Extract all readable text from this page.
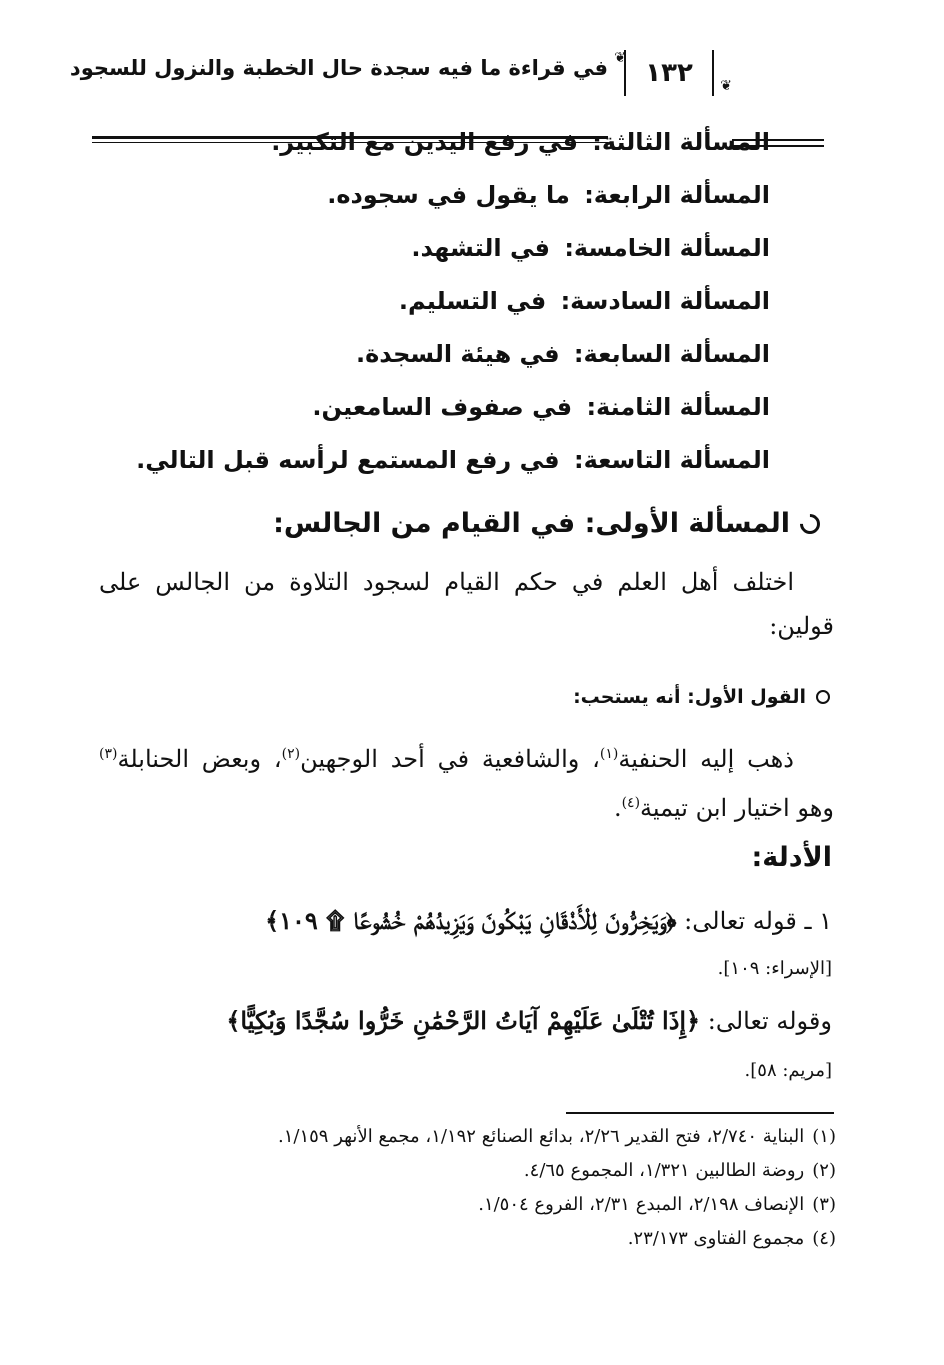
في قراءة ما فيه سجدة حال الخطبة والنزول للسجود ١٣٢
❦
❦
المسألة الثالثة: في رفع اليدين مع التكبير.
المسألة الرابعة: ما يقول في سجوده.
المسألة الخامسة: في التشهد.
المسألة السادسة: في التسليم.
المسألة السابعة: في هيئة السجدة.
المسألة الثامنة: في صفوف السامعين.
المسألة التاسعة: في رفع المستمع لرأسه قبل التالي.
المسألة الأولى: في القيام من الجالس:

اختلف أهل العلم في حكم القيام لسجود التلاوة من الجالس على قولين:

القول الأول: أنه يستحب:

ذهب إليه الحنفية$^{(١)}$، والشافعية في أحد الوجهين$^{(٢)}$، وبعض الحنابلة$^{(٣)}$ وهو اختيار ابن تيمية$^{(٤)}$.

الأدلة:
١ ـ قوله تعالى: ﴿وَيَخِرُّونَ لِلْأَذْقَانِ يَبْكُونَ وَيَزِيدُهُمْ خُشُوعًا ۩ ١٠٩﴾
[الإسراء: ١٠٩].
وقوله تعالى: ﴿إِذَا تُتْلَىٰ عَلَيْهِمْ آيَاتُ الرَّحْمَٰنِ خَرُّوا سُجَّدًا وَبُكِيًّا﴾
[مريم: ٥٨].
(١)البناية ٢/٧٤٠، فتح القدير ٢/٢٦، بدائع الصنائع ١/١٩٢، مجمع الأنهر ١/١٥٩.
(٢)روضة الطالبين ١/٣٢١، المجموع ٤/٦٥.
(٣)الإنصاف ٢/١٩٨، المبدع ٢/٣١، الفروع ١/٥٠٤.
(٤)مجموع الفتاوى ٢٣/١٧٣.
